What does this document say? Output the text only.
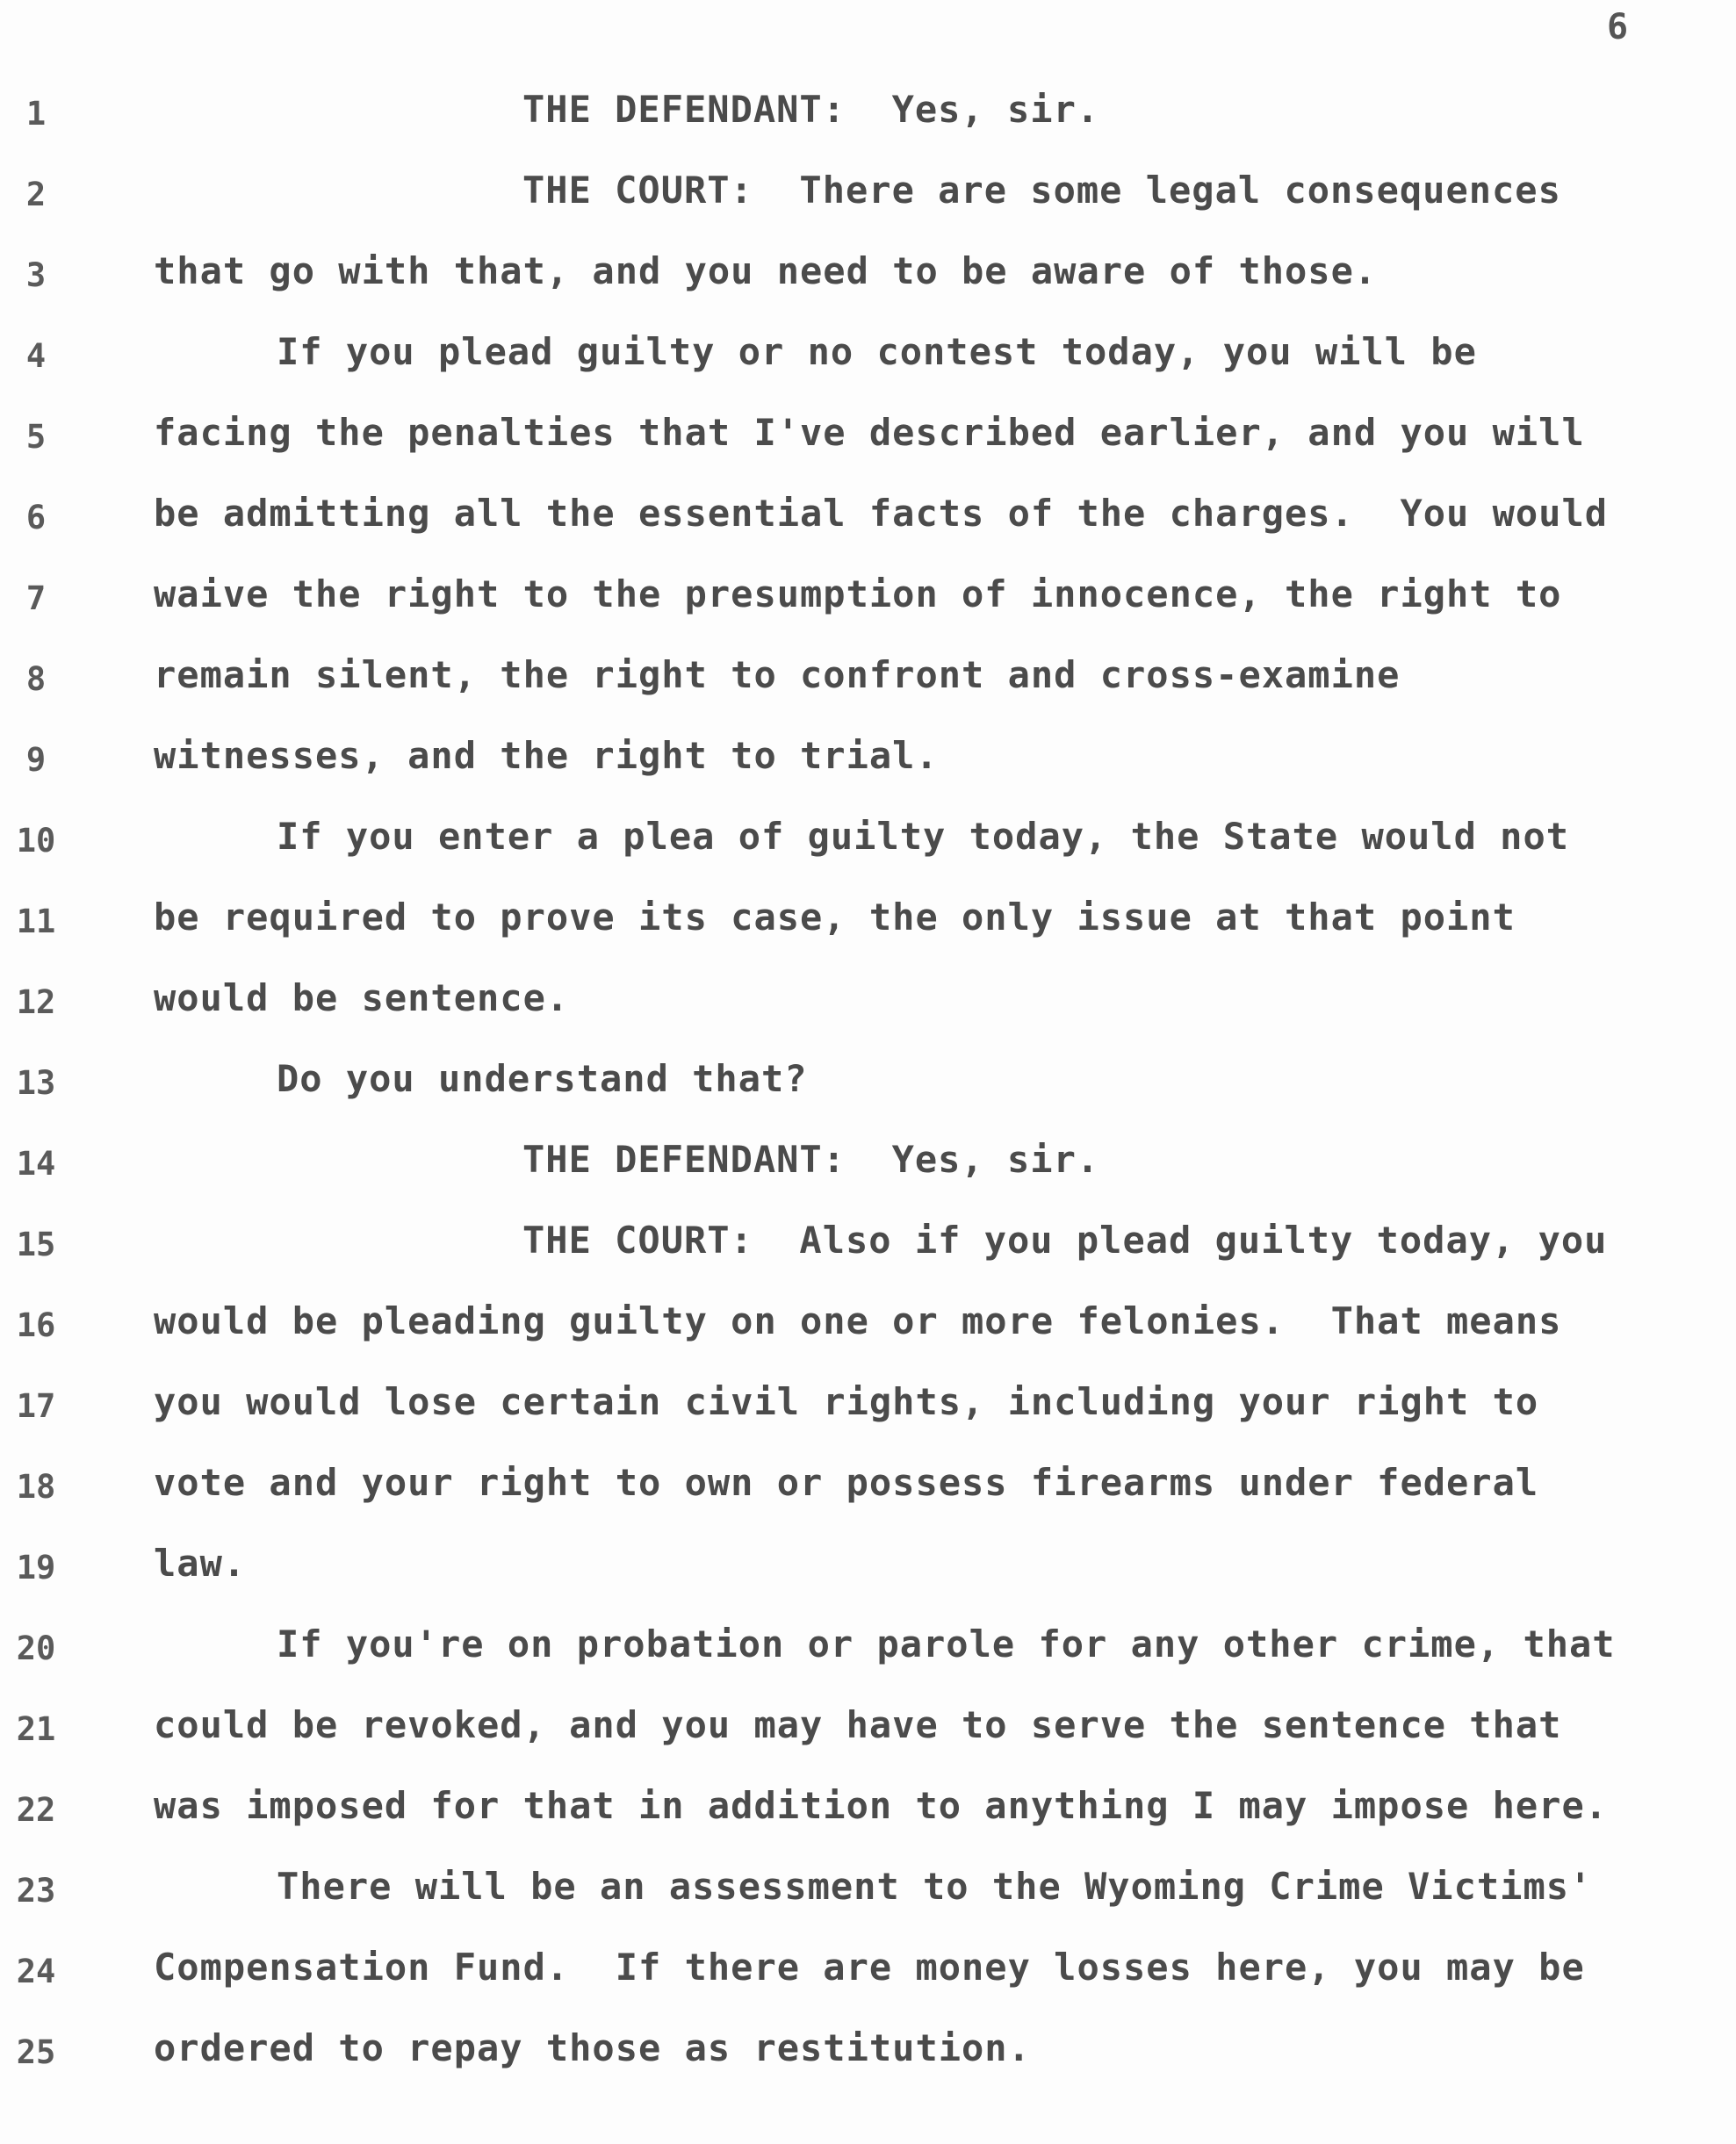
6
1	THE DEFENDANT:  Yes, sir.
2	THE COURT:  There are some legal consequences
3	that go with that, and you need to be aware of those.
4	If you plead guilty or no contest today, you will be
5	facing the penalties that I've described earlier, and you will
6	be admitting all the essential facts of the charges.  You would
7	waive the right to the presumption of innocence, the right to
8	remain silent, the right to confront and cross-examine
9	witnesses, and the right to trial.
10	If you enter a plea of guilty today, the State would not
11	be required to prove its case, the only issue at that point
12	would be sentence.
13	Do you understand that?
14	THE DEFENDANT:  Yes, sir.
15	THE COURT:  Also if you plead guilty today, you
16	would be pleading guilty on one or more felonies.  That means
17	you would lose certain civil rights, including your right to
18	vote and your right to own or possess firearms under federal
19	law.
20	If you're on probation or parole for any other crime, that
21	could be revoked, and you may have to serve the sentence that
22	was imposed for that in addition to anything I may impose here.
23	There will be an assessment to the Wyoming Crime Victims'
24	Compensation Fund.  If there are money losses here, you may be
25	ordered to repay those as restitution.
